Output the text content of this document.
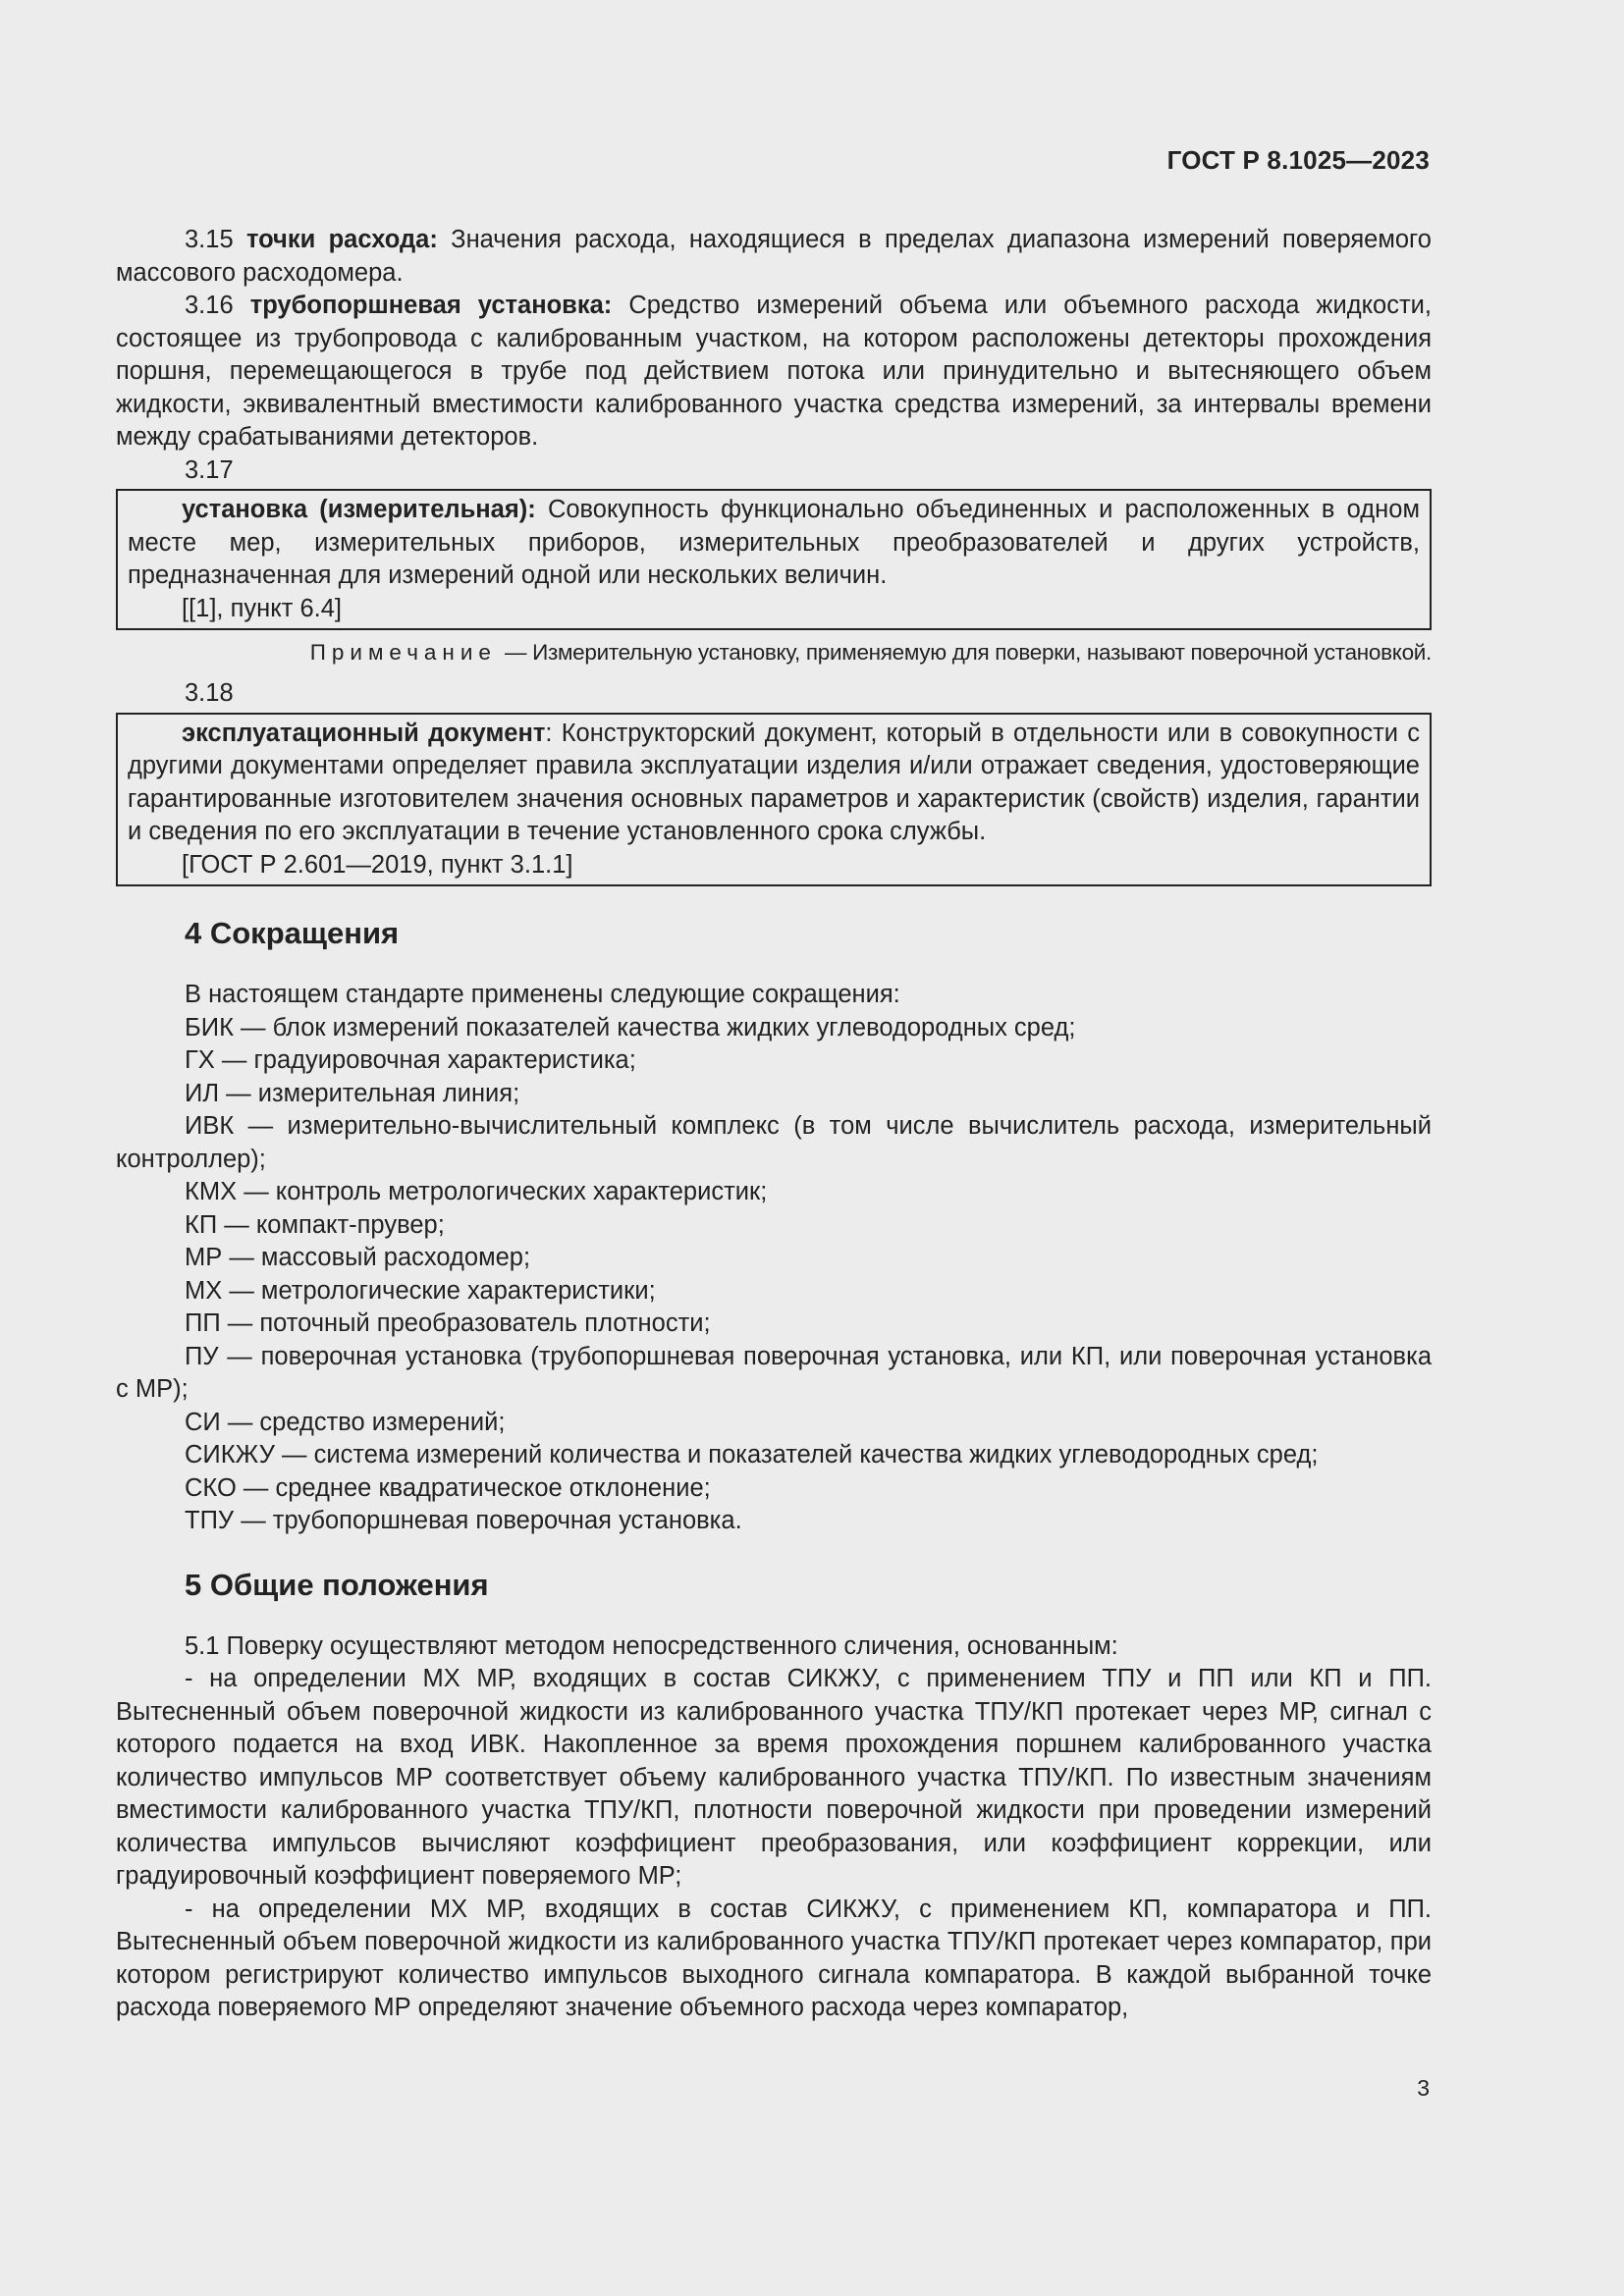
ГОСТ Р 8.1025—2023

3.15 точки расхода: Значения расхода, находящиеся в пределах диапазона измерений поверяемого массового расходомера.

3.16 трубопоршневая установка: Средство измерений объема или объемного расхода жидкости, состоящее из трубопровода с калиброванным участком, на котором расположены детекторы прохождения поршня, перемещающегося в трубе под действием потока или принудительно и вытесняющего объем жидкости, эквивалентный вместимости калиброванного участка средства измерений, за интервалы времени между срабатываниями детекторов.

3.17

установка (измерительная): Совокупность функционально объединенных и расположенных в одном месте мер, измерительных приборов, измерительных преобразователей и других устройств, предназначенная для измерений одной или нескольких величин.

[[1], пункт 6.4]
Примечание — Измерительную установку, применяемую для поверки, называют поверочной установкой.
3.18

эксплуатационный документ: Конструкторский документ, который в отдельности или в совокупности с другими документами определяет правила эксплуатации изделия и/или отражает сведения, удостоверяющие гарантированные изготовителем значения основных параметров и характеристик (свойств) изделия, гарантии и сведения по его эксплуатации в течение установленного срока службы.

[ГОСТ Р 2.601—2019, пункт 3.1.1]
4 Сокращения

В настоящем стандарте применены следующие сокращения:

БИК — блок измерений показателей качества жидких углеводородных сред;

ГХ — градуировочная характеристика;

ИЛ — измерительная линия;

ИВК — измерительно-вычислительный комплекс (в том числе вычислитель расхода, измерительный контроллер);

КМХ — контроль метрологических характеристик;

КП — компакт-прувер;

МР — массовый расходомер;

МХ — метрологические характеристики;

ПП — поточный преобразователь плотности;

ПУ — поверочная установка (трубопоршневая поверочная установка, или КП, или поверочная установка с МР);

СИ — средство измерений;

СИКЖУ — система измерений количества и показателей качества жидких углеводородных сред;

СКО — среднее квадратическое отклонение;

ТПУ — трубопоршневая поверочная установка.

5 Общие положения

5.1 Поверку осуществляют методом непосредственного сличения, основанным:

- на определении МХ МР, входящих в состав СИКЖУ, с применением ТПУ и ПП или КП и ПП. Вытесненный объем поверочной жидкости из калиброванного участка ТПУ/КП протекает через МР, сигнал с которого подается на вход ИВК. Накопленное за время прохождения поршнем калиброванного участка количество импульсов МР соответствует объему калиброванного участка ТПУ/КП. По известным значениям вместимости калиброванного участка ТПУ/КП, плотности поверочной жидкости при проведении измерений количества импульсов вычисляют коэффициент преобразования, или коэффициент коррекции, или градуировочный коэффициент поверяемого МР;

- на определении МХ МР, входящих в состав СИКЖУ, с применением КП, компаратора и ПП. Вытесненный объем поверочной жидкости из калиброванного участка ТПУ/КП протекает через компаратор, при котором регистрируют количество импульсов выходного сигнала компаратора. В каждой выбранной точке расхода поверяемого МР определяют значение объемного расхода через компаратор,

3
